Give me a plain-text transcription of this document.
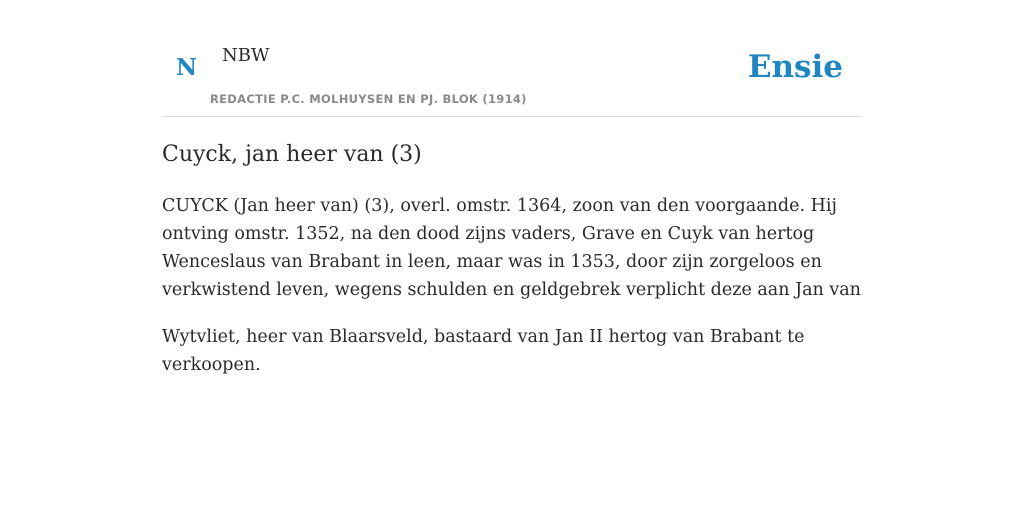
N NBW
REDACTIE P.C. MOLHUYSEN EN PJ. BLOK (1914)
Ensie
Cuyck, jan heer van (3)

CUYCK (Jan heer van) (3), overl. omstr. 1364, zoon van den voorgaande. Hij
ontving omstr. 1352, na den dood zijns vaders, Grave en Cuyk van hertog
Wenceslaus van Brabant in leen, maar was in 1353, door zijn zorgeloos en
verkwistend leven, wegens schulden en geldgebrek verplicht deze aan Jan van

Wytvliet, heer van Blaarsveld, bastaard van Jan II hertog van Brabant te
verkoopen.
